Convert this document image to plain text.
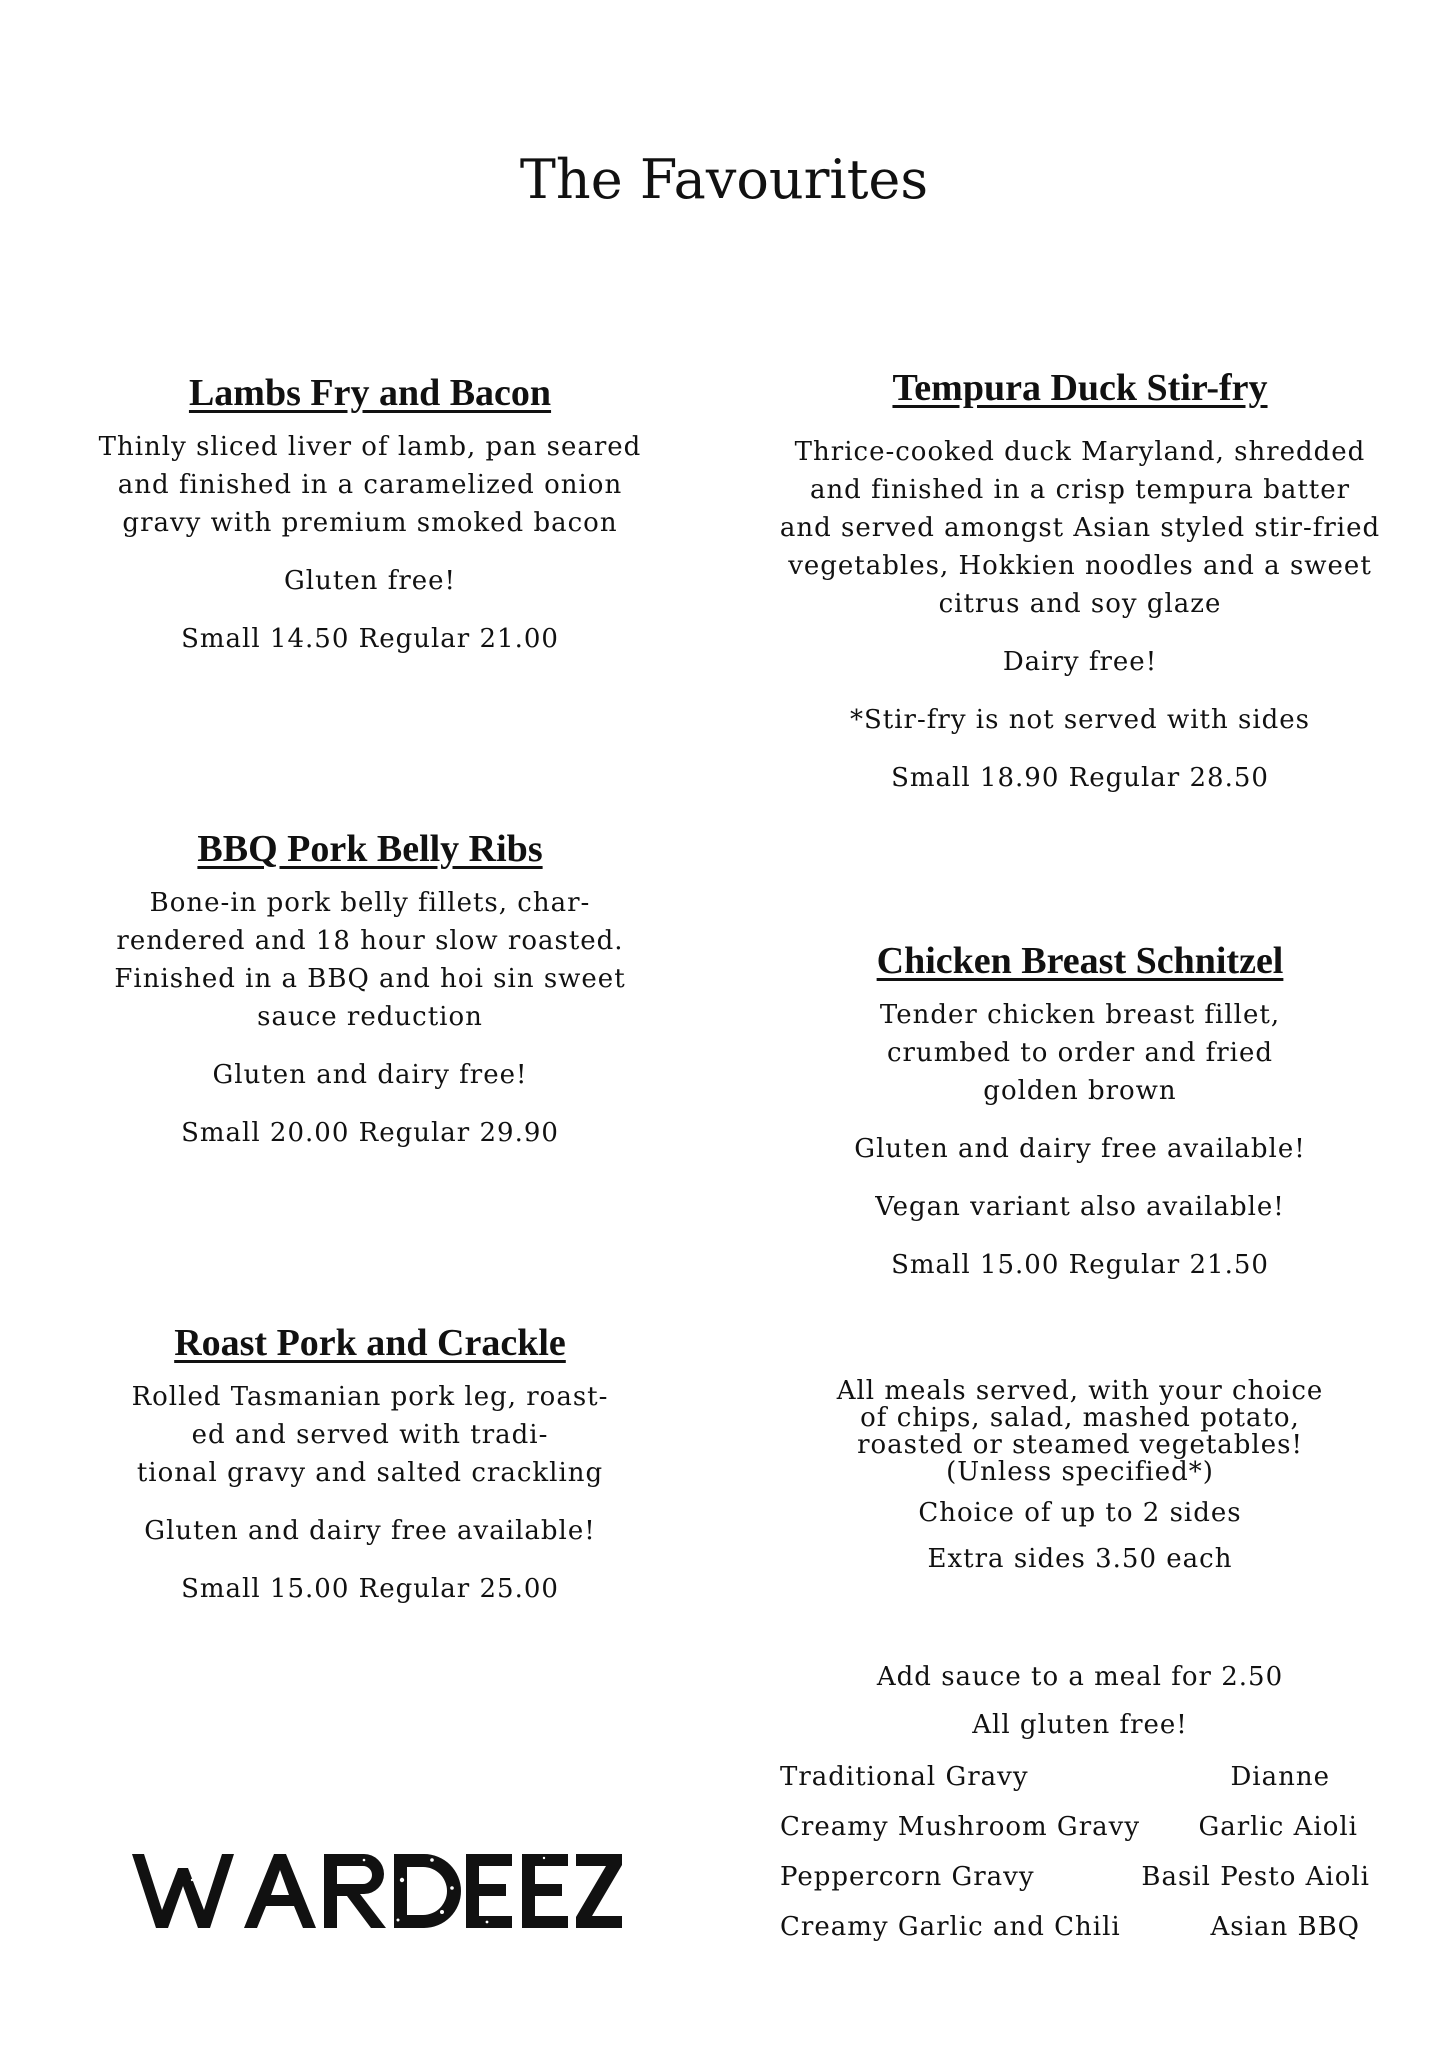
The Favourites
Lambs Fry and Bacon

Thinly sliced liver of lamb, pan seared
and finished in a caramelized onion
gravy with premium smoked bacon

Gluten free!

Small 14.50 Regular 21.00

BBQ Pork Belly Ribs

Bone-in pork belly fillets, char-
rendered and 18 hour slow roasted.
Finished in a BBQ and hoi sin sweet
sauce reduction

Gluten and dairy free!

Small 20.00 Regular 29.90

Roast Pork and Crackle

Rolled Tasmanian pork leg, roast-
ed and served with tradi-
tional gravy and salted crackling

Gluten and dairy free available!

Small 15.00 Regular 25.00

Tempura Duck Stir-fry

Thrice-cooked duck Maryland, shredded
and finished in a crisp tempura batter
and served amongst Asian styled stir-fried
vegetables, Hokkien noodles and a sweet
citrus and soy glaze

Dairy free!

*Stir-fry is not served with sides

Small 18.90 Regular 28.50

Chicken Breast Schnitzel

Tender chicken breast fillet,
crumbed to order and fried
golden brown

Gluten and dairy free available!

Vegan variant also available!

Small 15.00 Regular 21.50

All meals served, with your choice
of chips, salad, mashed potato,
roasted or steamed vegetables!
(Unless specified*)

Choice of up to 2 sides

Extra sides 3.50 each

Add sauce to a meal for 2.50

All gluten free!

Traditional Gravy	Dianne
Creamy Mushroom Gravy Garlic Aioli
Peppercorn Gravy	Basil Pesto Aioli
Creamy Garlic and Chili	Asian BBQ
